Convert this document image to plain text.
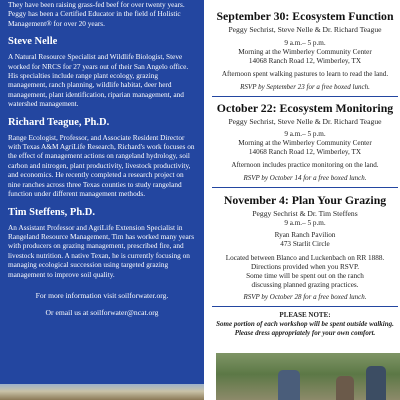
They have been raising grass-fed beef for over twenty years. Peggy has been a Certified Educator in the field of Holistic Management® for over 20 years.

Steve Nelle

A Natural Resource Specialist and Wildlife Biologist, Steve worked for NRCS for 27 years out of their San Angelo office. His specialties include range plant ecology, grazing management, ranch planning, wildlife habitat, deer herd management, plant identification, riparian management, and watershed management.

Richard Teague, Ph.D.

Range Ecologist, Professor, and Associate Resident Director with Texas A&M AgriLife Research, Richard's work focuses on the effect of management actions on rangeland hydrology, soil carbon and nitrogen, plant productivity, livestock productivity, and economics. He recently completed a research project on nine ranches across three Texas counties to study rangeland function under different management methods.

Tim Steffens, Ph.D.

An Assistant Professor and AgriLife Extension Specialist in Rangeland Resource Management, Tim has worked many years with producers on grazing management, prescribed fire, and livestock nutrition. A native Texan, he is currently focusing on managing ecological succession using targeted grazing management to improve soil quality.

For more information visit soilforwater.org.

Or email us at soilforwater@ncat.org

September 30: Ecosystem Function
Peggy Sechrist, Steve Nelle & Dr. Richard Teague
9 a.m.– 5 p.m.
Morning at the Wimberley Community Center
14068 Ranch Road 12, Wimberley, TX
Afternoon spent walking pastures to learn to read the land.
RSVP by September 23 for a free boxed lunch.
October 22: Ecosystem Monitoring
Peggy Sechrist, Steve Nelle & Dr. Richard Teague
9 a.m.– 5 p.m.
Morning at the Wimberley Community Center
14068 Ranch Road 12, Wimberley, TX
Afternoon includes practice monitoring on the land.
RSVP by October 14 for a free boxed lunch.
November 4: Plan Your Grazing
Peggy Sechrist & Dr. Tim Steffens
9 a.m.– 5 p.m.
Ryan Ranch Pavilion
473 Starlit Circle
Located between Blanco and Luckenbach on RR 1888.
Directions provided when you RSVP.
Some time will be spent out on the ranch
discussing planned grazing practices.
RSVP by October 28 for a free boxed lunch.
PLEASE NOTE:
Some portion of each workshop will be spent outside walking.
Please dress appropriately for your own comfort.
